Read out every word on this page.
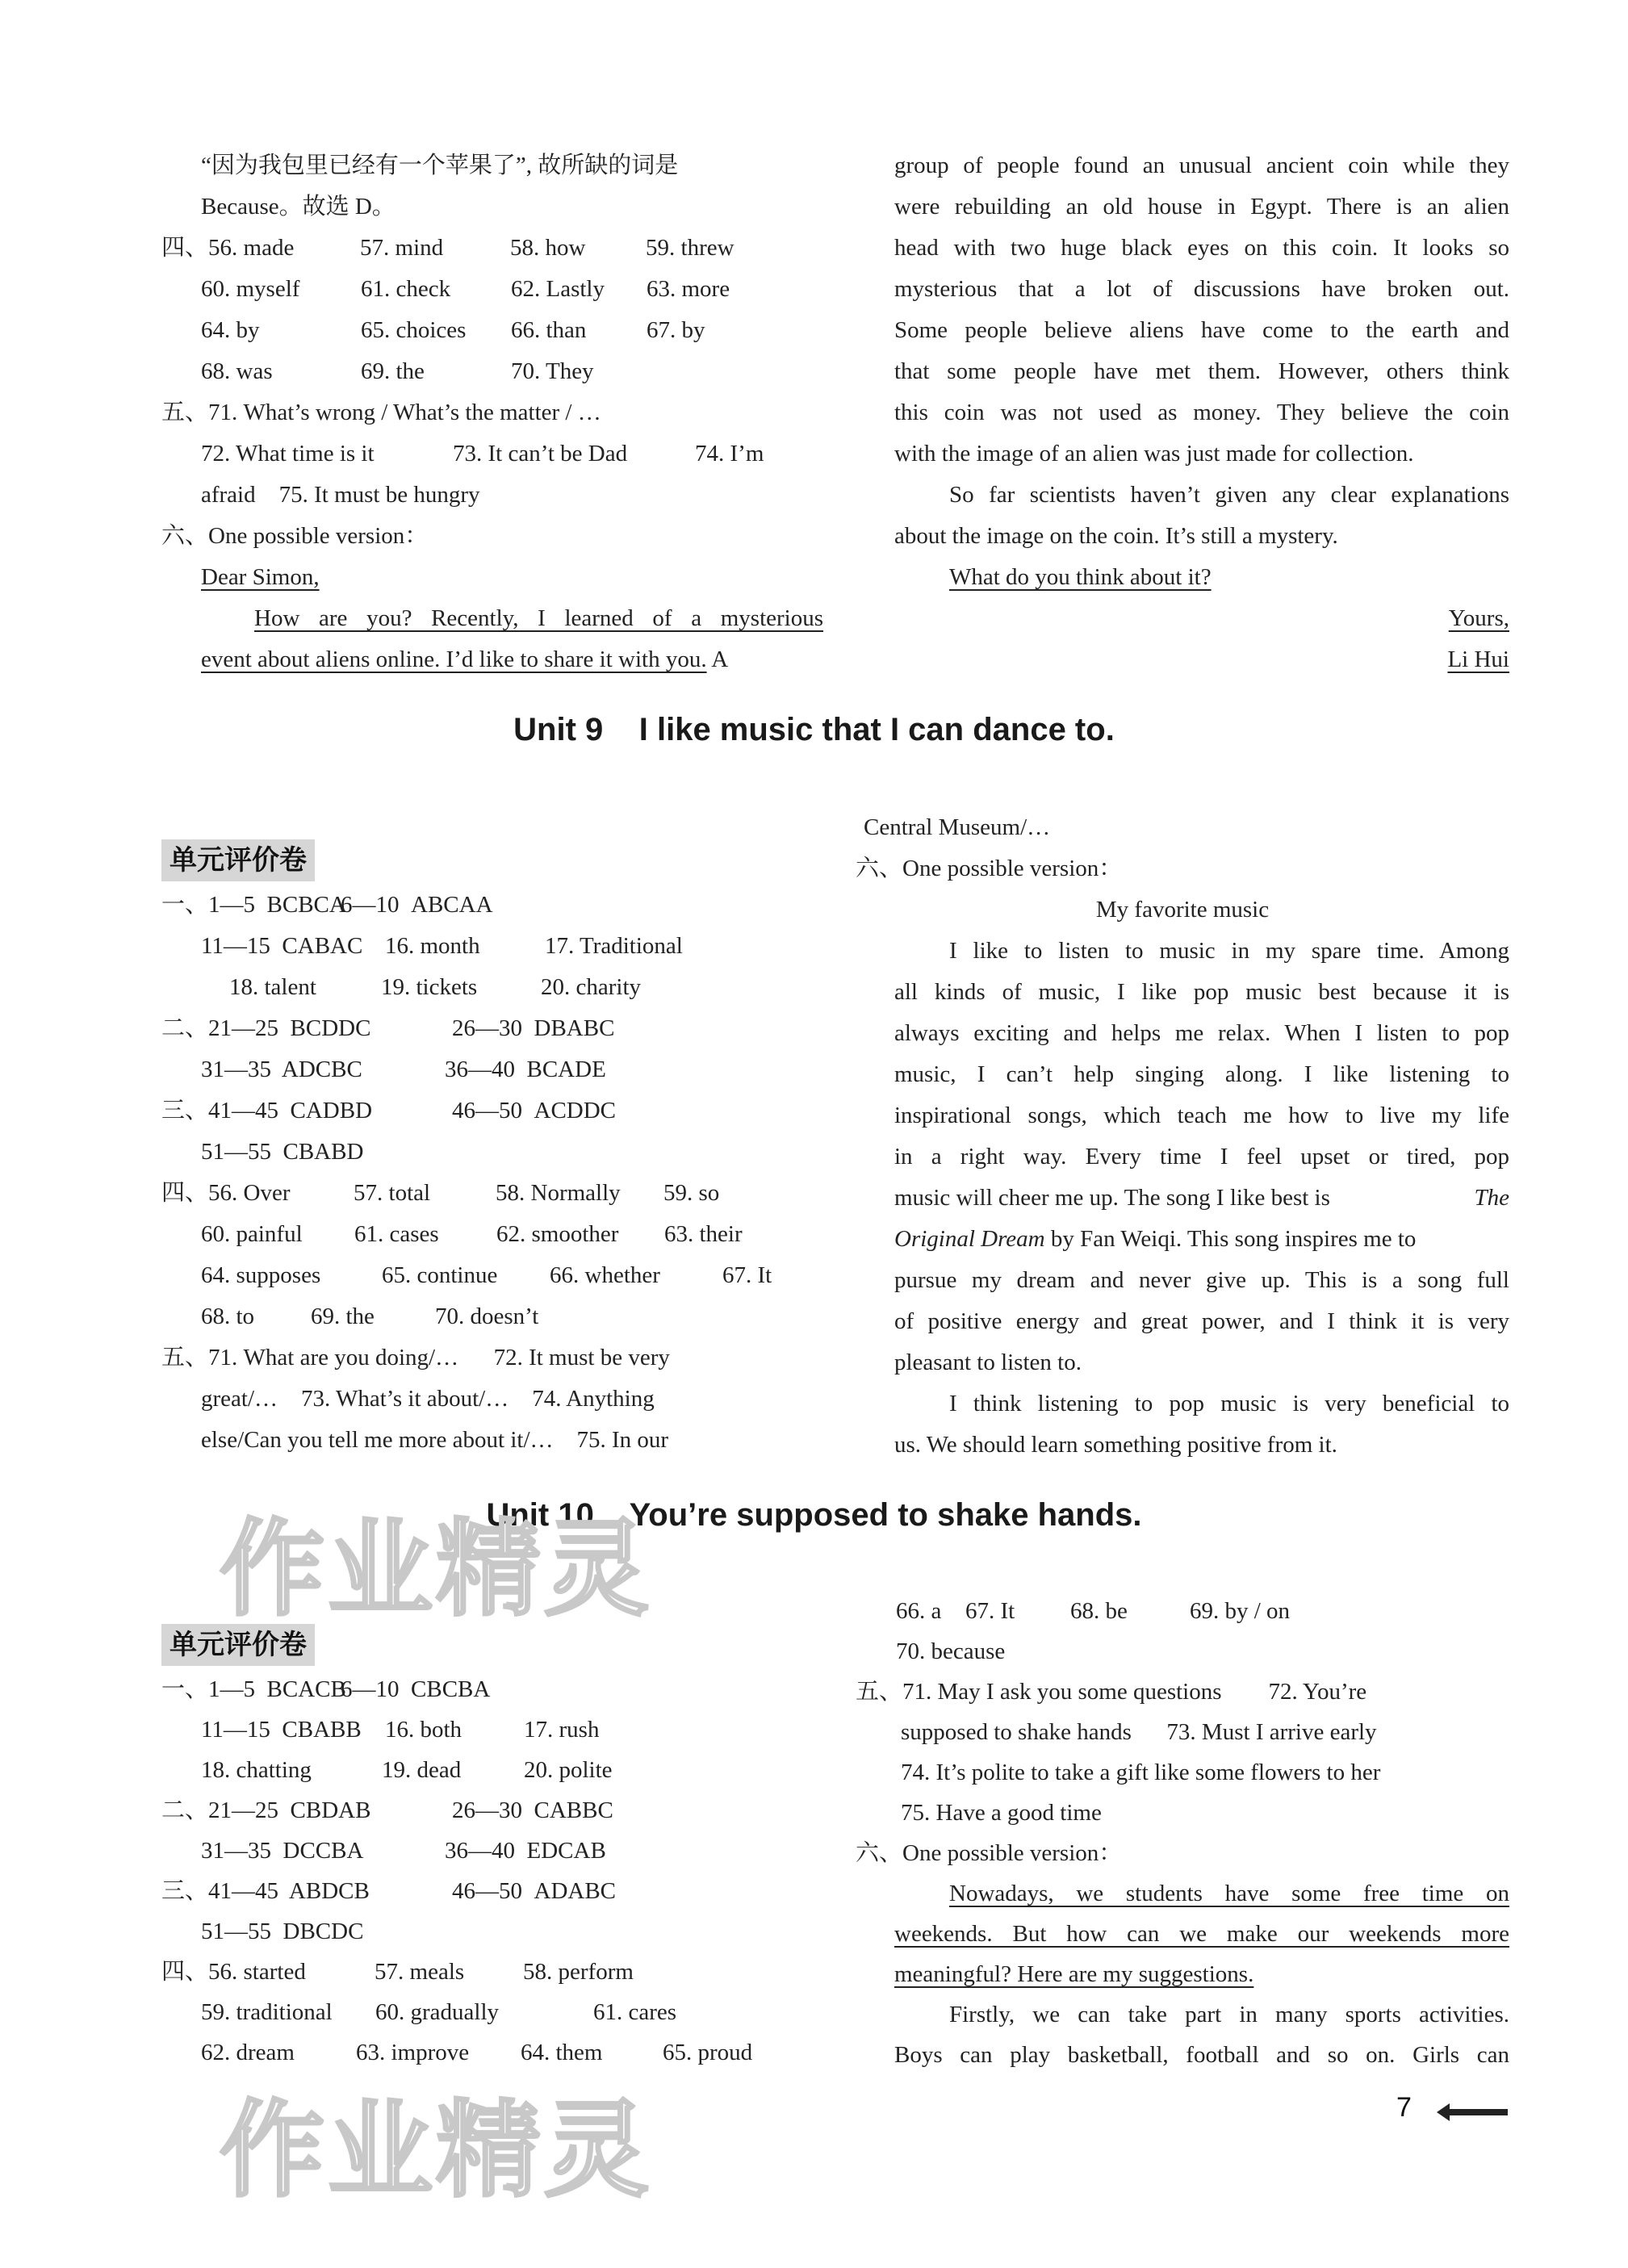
“因为我包里已经有一个苹果了”, 故所缺的词是
Because。故选 D。
四、56. made	57. mind	58. how	59. threw
60. myself	61. check	62. Lastly 63. more
64. by	65. choices 66. than	67. by
68. was	69. the	70. They
五、71. What’s wrong / What’s the matter / …
72. What time is it	73. It can’t be Dad	74. I’m
afraid    75. It must be hungry
六、One possible version：
Dear Simon,
How are you? Recently, I learned of a mysterious
event about aliens online. I’d like to share it with you. A
group of people found an unusual ancient coin while they
were rebuilding an old house in Egypt. There is an alien
head with two huge black eyes on this coin. It looks so
mysterious that a lot of discussions have broken out.
Some people believe aliens have come to the earth and
that some people have met them. However, others think
this coin was not used as money. They believe the coin
with the image of an alien was just made for collection.
So far scientists haven’t given any clear explanations
about the image on the coin. It’s still a mystery.
What do you think about it?
Yours,
Li Hui
Unit 9    I like music that I can dance to.
单元评价卷
一、1—5  BCBCA6—10  ABCAA
11—15  CABAC 16. month	17. Traditional
18. talent	19. tickets	20. charity
二、21—25  BCDDC	26—30  DBABC
31—35  ADCBC	36—40  BCADE
三、41—45  CADBD	46—50  ACDDC
51—55  CBABD
四、56. Over	57. total	58. Normally 59. so
60. painful 61. cases 62. smoother 63. their
64. supposes	65. continue 66. whether	67. It
68. to 69. the	70. doesn’t
五、71. What are you doing/…      72. It must be very
great/…    73. What’s it about/…    74. Anything
else/Can you tell me more about it/…    75. In our
Central Museum/…
六、One possible version：
My favorite music
I like to listen to music in my spare time. Among
all kinds of music, I like pop music best because it is
always exciting and helps me relax. When I listen to pop
music, I can’t help singing along. I like listening to
inspirational songs, which teach me how to live my life
in a right way. Every time I feel upset or tired, pop
music will cheer me up. The song I like best is	The
Original Dream by Fan Weiqi. This song inspires me to
pursue my dream and never give up. This is a song full
of positive energy and great power, and I think it is very
pleasant to listen to.
I think listening to pop music is very beneficial to
us. We should learn something positive from it.
Unit 10    You’re supposed to shake hands.
单元评价卷
一、1—5  BCACB6—10  CBCBA
11—15  CBABB 16. both	17. rush
18. chatting	19. dead	20. polite
二、21—25  CBDAB	26—30  CABBC
31—35  DCCBA	36—40  EDCAB
三、41—45  ABDCB	46—50  ADABC
51—55  DBCDC
四、56. started	57. meals	58. perform
59. traditional 60. gradually	61. cares
62. dream	63. improve 64. them	65. proud
66. a 67. It 68. be	69. by / on
70. because
五、71. May I ask you some questions        72. You’re
supposed to shake hands      73. Must I arrive early
74. It’s polite to take a gift like some flowers to her
75. Have a good time
六、One possible version：
Nowadays, we students have some free time on
weekends. But how can we make our weekends more
meaningful? Here are my suggestions.
Firstly, we can take part in many sports activities.
Boys can play basketball, football and so on. Girls can
作业精灵
作业精灵	7
